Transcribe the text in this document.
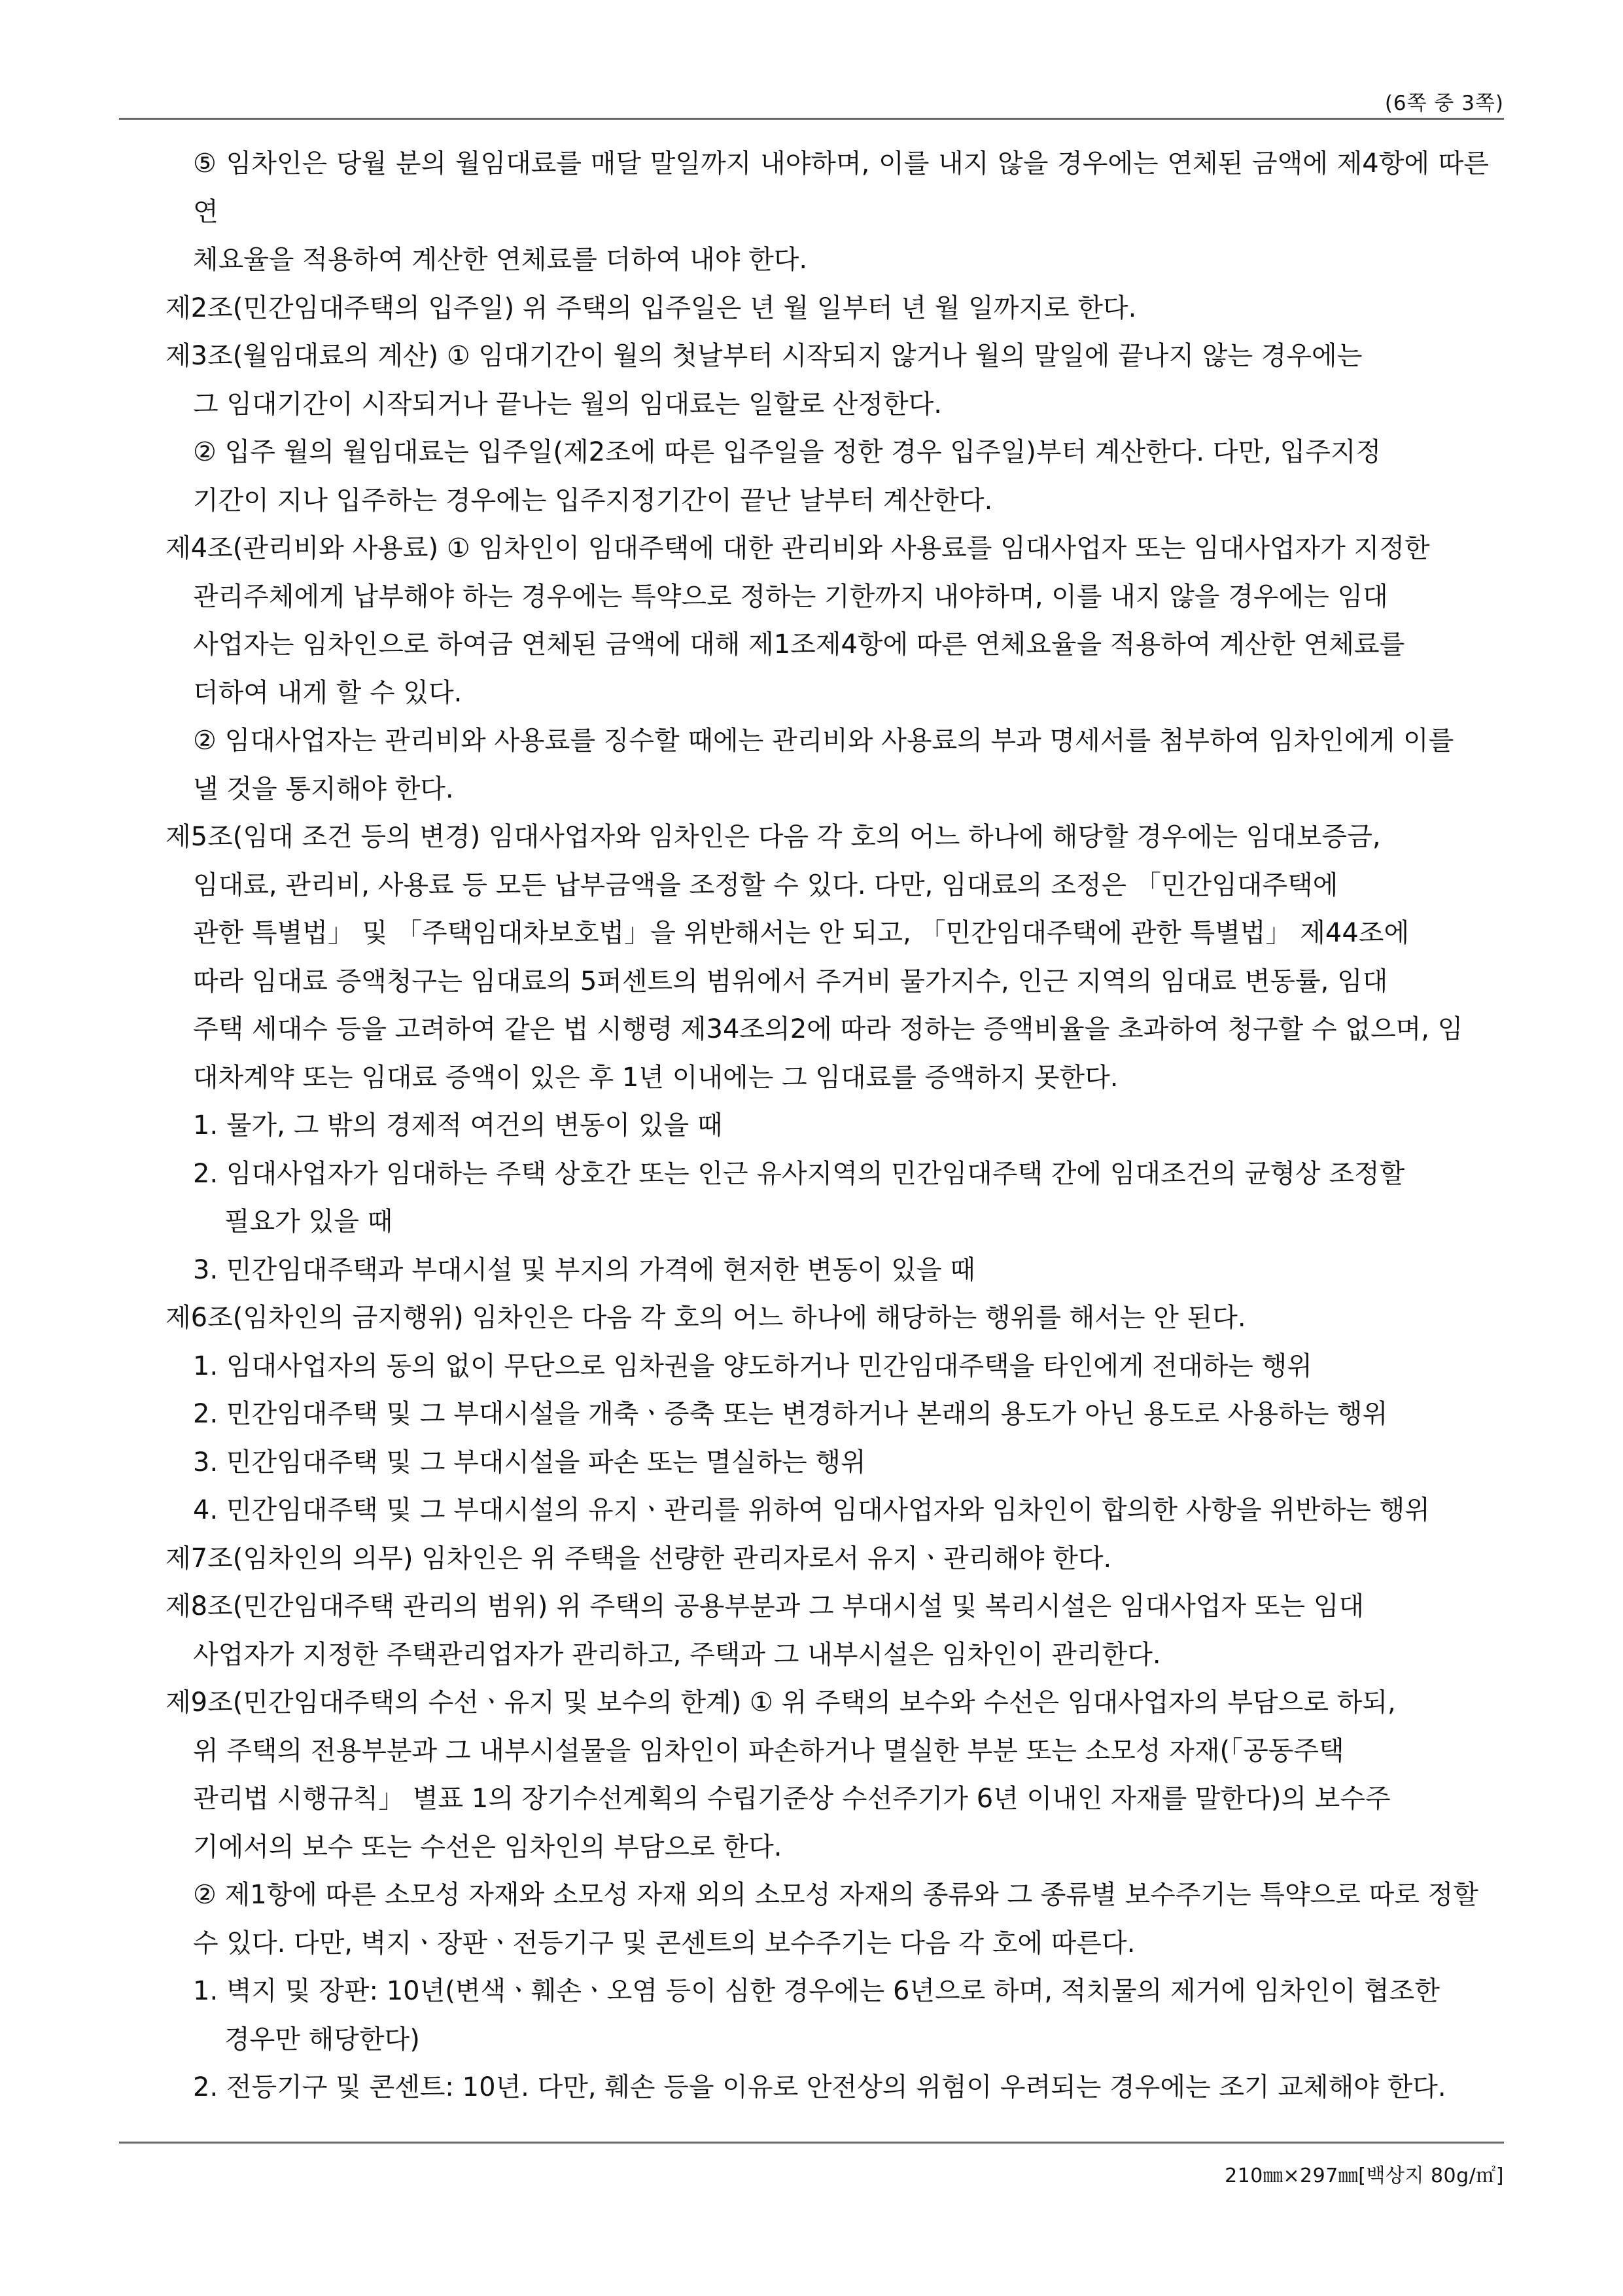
(6쪽 중 3쪽)

⑤ 임차인은 당월 분의 월임대료를 매달 말일까지 내야하며, 이를 내지 않을 경우에는 연체된 금액에 제4항에 따른 연

체요율을 적용하여 계산한 연체료를 더하여 내야 한다.

제2조(민간임대주택의 입주일) 위 주택의 입주일은 년 월 일부터 년 월 일까지로 한다.

제3조(월임대료의 계산) ① 임대기간이 월의 첫날부터 시작되지 않거나 월의 말일에 끝나지 않는 경우에는

그 임대기간이 시작되거나 끝나는 월의 임대료는 일할로 산정한다.

② 입주 월의 월임대료는 입주일(제2조에 따른 입주일을 정한 경우 입주일)부터 계산한다. 다만, 입주지정

기간이 지나 입주하는 경우에는 입주지정기간이 끝난 날부터 계산한다.

제4조(관리비와 사용료) ① 임차인이 임대주택에 대한 관리비와 사용료를 임대사업자 또는 임대사업자가 지정한

관리주체에게 납부해야 하는 경우에는 특약으로 정하는 기한까지 내야하며, 이를 내지 않을 경우에는 임대

사업자는 임차인으로 하여금 연체된 금액에 대해 제1조제4항에 따른 연체요율을 적용하여 계산한 연체료를

더하여 내게 할 수 있다.

② 임대사업자는 관리비와 사용료를 징수할 때에는 관리비와 사용료의 부과 명세서를 첨부하여 임차인에게 이를

낼 것을 통지해야 한다.

제5조(임대 조건 등의 변경) 임대사업자와 임차인은 다음 각 호의 어느 하나에 해당할 경우에는 임대보증금,

임대료, 관리비, 사용료 등 모든 납부금액을 조정할 수 있다. 다만, 임대료의 조정은 「민간임대주택에

관한 특별법」 및 「주택임대차보호법」을 위반해서는 안 되고, 「민간임대주택에 관한 특별법」 제44조에

따라 임대료 증액청구는 임대료의 5퍼센트의 범위에서 주거비 물가지수, 인근 지역의 임대료 변동률, 임대

주택 세대수 등을 고려하여 같은 법 시행령 제34조의2에 따라 정하는 증액비율을 초과하여 청구할 수 없으며, 임

대차계약 또는 임대료 증액이 있은 후 1년 이내에는 그 임대료를 증액하지 못한다.

1. 물가, 그 밖의 경제적 여건의 변동이 있을 때

2. 임대사업자가 임대하는 주택 상호간 또는 인근 유사지역의 민간임대주택 간에 임대조건의 균형상 조정할

필요가 있을 때

3. 민간임대주택과 부대시설 및 부지의 가격에 현저한 변동이 있을 때

제6조(임차인의 금지행위) 임차인은 다음 각 호의 어느 하나에 해당하는 행위를 해서는 안 된다.

1. 임대사업자의 동의 없이 무단으로 임차권을 양도하거나 민간임대주택을 타인에게 전대하는 행위

2. 민간임대주택 및 그 부대시설을 개축ㆍ증축 또는 변경하거나 본래의 용도가 아닌 용도로 사용하는 행위

3. 민간임대주택 및 그 부대시설을 파손 또는 멸실하는 행위

4. 민간임대주택 및 그 부대시설의 유지ㆍ관리를 위하여 임대사업자와 임차인이 합의한 사항을 위반하는 행위

제7조(임차인의 의무) 임차인은 위 주택을 선량한 관리자로서 유지ㆍ관리해야 한다.

제8조(민간임대주택 관리의 범위) 위 주택의 공용부분과 그 부대시설 및 복리시설은 임대사업자 또는 임대

사업자가 지정한 주택관리업자가 관리하고, 주택과 그 내부시설은 임차인이 관리한다.

제9조(민간임대주택의 수선ㆍ유지 및 보수의 한계) ① 위 주택의 보수와 수선은 임대사업자의 부담으로 하되,

위 주택의 전용부분과 그 내부시설물을 임차인이 파손하거나 멸실한 부분 또는 소모성 자재(「공동주택

관리법 시행규칙」 별표 1의 장기수선계획의 수립기준상 수선주기가 6년 이내인 자재를 말한다)의 보수주

기에서의 보수 또는 수선은 임차인의 부담으로 한다.

② 제1항에 따른 소모성 자재와 소모성 자재 외의 소모성 자재의 종류와 그 종류별 보수주기는 특약으로 따로 정할

수 있다. 다만, 벽지ㆍ장판ㆍ전등기구 및 콘센트의 보수주기는 다음 각 호에 따른다.

1. 벽지 및 장판: 10년(변색ㆍ훼손ㆍ오염 등이 심한 경우에는 6년으로 하며, 적치물의 제거에 임차인이 협조한

경우만 해당한다)

2. 전등기구 및 콘센트: 10년. 다만, 훼손 등을 이유로 안전상의 위험이 우려되는 경우에는 조기 교체해야 한다.

210㎜×297㎜[백상지 80g/㎡]
